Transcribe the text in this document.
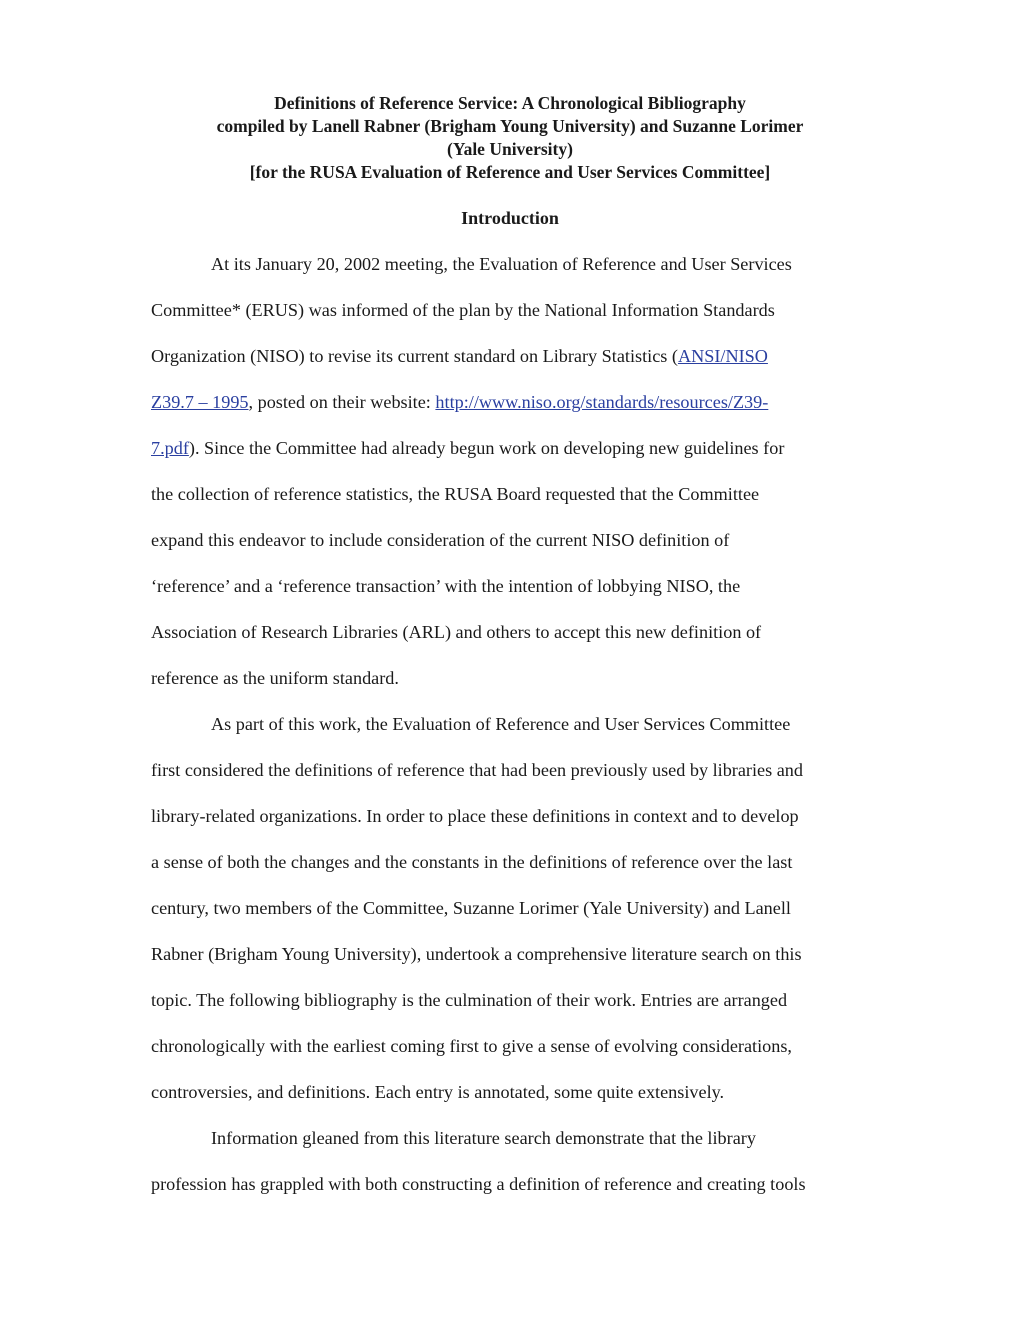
Definitions of Reference Service: A Chronological Bibliography
compiled by Lanell Rabner (Brigham Young University) and Suzanne Lorimer
(Yale University)
[for the RUSA Evaluation of Reference and User Services Committee]
Introduction
At its January 20, 2002 meeting, the Evaluation of Reference and User Services
Committee* (ERUS) was informed of the plan by the National Information Standards
Organization (NISO) to revise its current standard on Library Statistics (ANSI/NISO
Z39.7 – 1995, posted on their website: http://www.niso.org/standards/resources/Z39-
7.pdf). Since the Committee had already begun work on developing new guidelines for
the collection of reference statistics, the RUSA Board requested that the Committee
expand this endeavor to include consideration of the current NISO definition of
‘reference’ and a ‘reference transaction’ with the intention of lobbying NISO, the
Association of Research Libraries (ARL) and others to accept this new definition of
reference as the uniform standard.
As part of this work, the Evaluation of Reference and User Services Committee
first considered the definitions of reference that had been previously used by libraries and
library-related organizations. In order to place these definitions in context and to develop
a sense of both the changes and the constants in the definitions of reference over the last
century, two members of the Committee, Suzanne Lorimer (Yale University) and Lanell
Rabner (Brigham Young University), undertook a comprehensive literature search on this
topic. The following bibliography is the culmination of their work. Entries are arranged
chronologically with the earliest coming first to give a sense of evolving considerations,
controversies, and definitions. Each entry is annotated, some quite extensively.
Information gleaned from this literature search demonstrate that the library
profession has grappled with both constructing a definition of reference and creating tools
